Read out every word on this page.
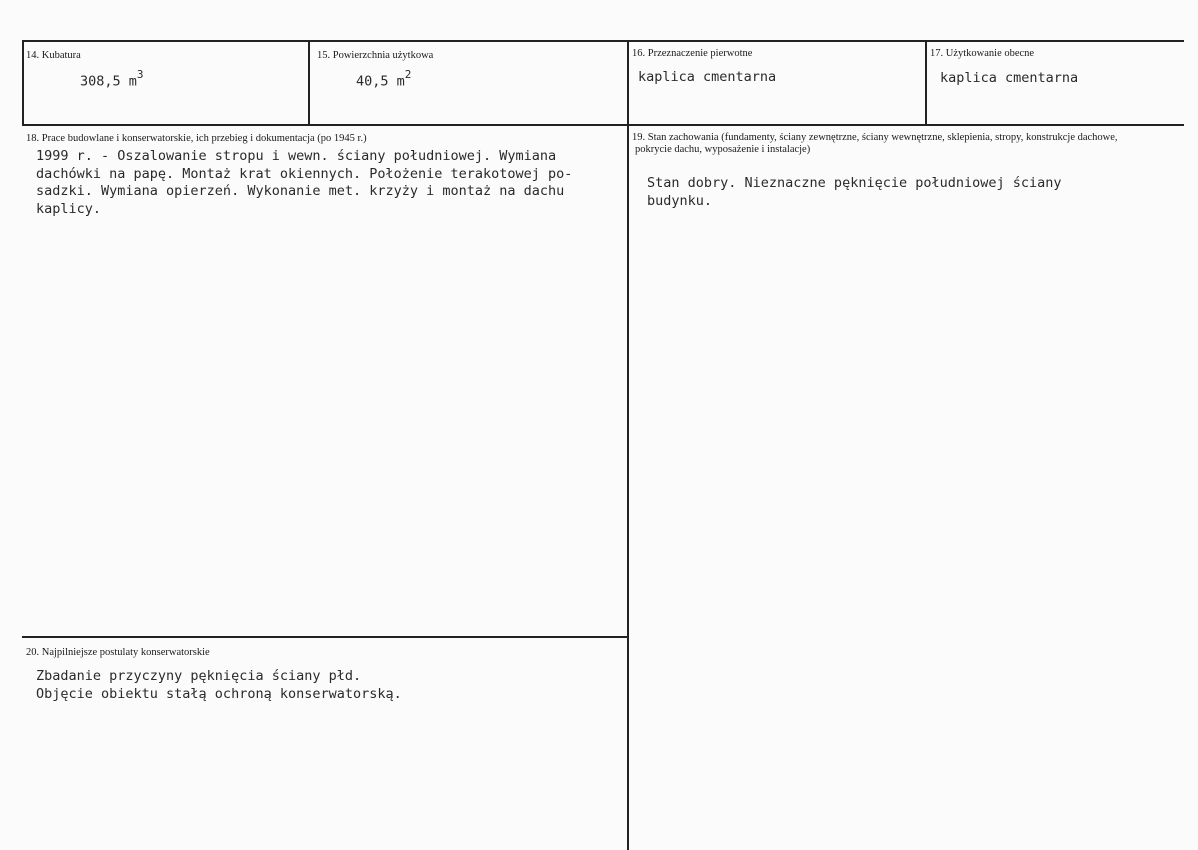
14. Kubatura
308,5 $m^3$
15. Powierzchnia użytkowa
40,5 $m^2$
16. Przeznaczenie pierwotne
kaplica cmentarna
17. Użytkowanie obecne
kaplica cmentarna
18. Prace budowlane i konserwatorskie, ich przebieg i dokumentacja (po 1945 r.)
1999 r. - Oszalowanie stropu i wewn. ściany południowej. Wymiana
dachówki na papę. Montaż krat okiennych. Położenie terakotowej po-
sadzki. Wymiana opierzeń. Wykonanie met. krzyży i montaż na dachu
kaplicy.
19. Stan zachowania (fundamenty, ściany zewnętrzne, ściany wewnętrzne, sklepienia, stropy, konstrukcje dachowe,
pokrycie dachu, wyposażenie i instalacje)
Stan dobry. Nieznaczne pęknięcie południowej ściany
budynku.
20. Najpilniejsze postulaty konserwatorskie
Zbadanie przyczyny pęknięcia ściany płd.
Objęcie obiektu stałą ochroną konserwatorską.
